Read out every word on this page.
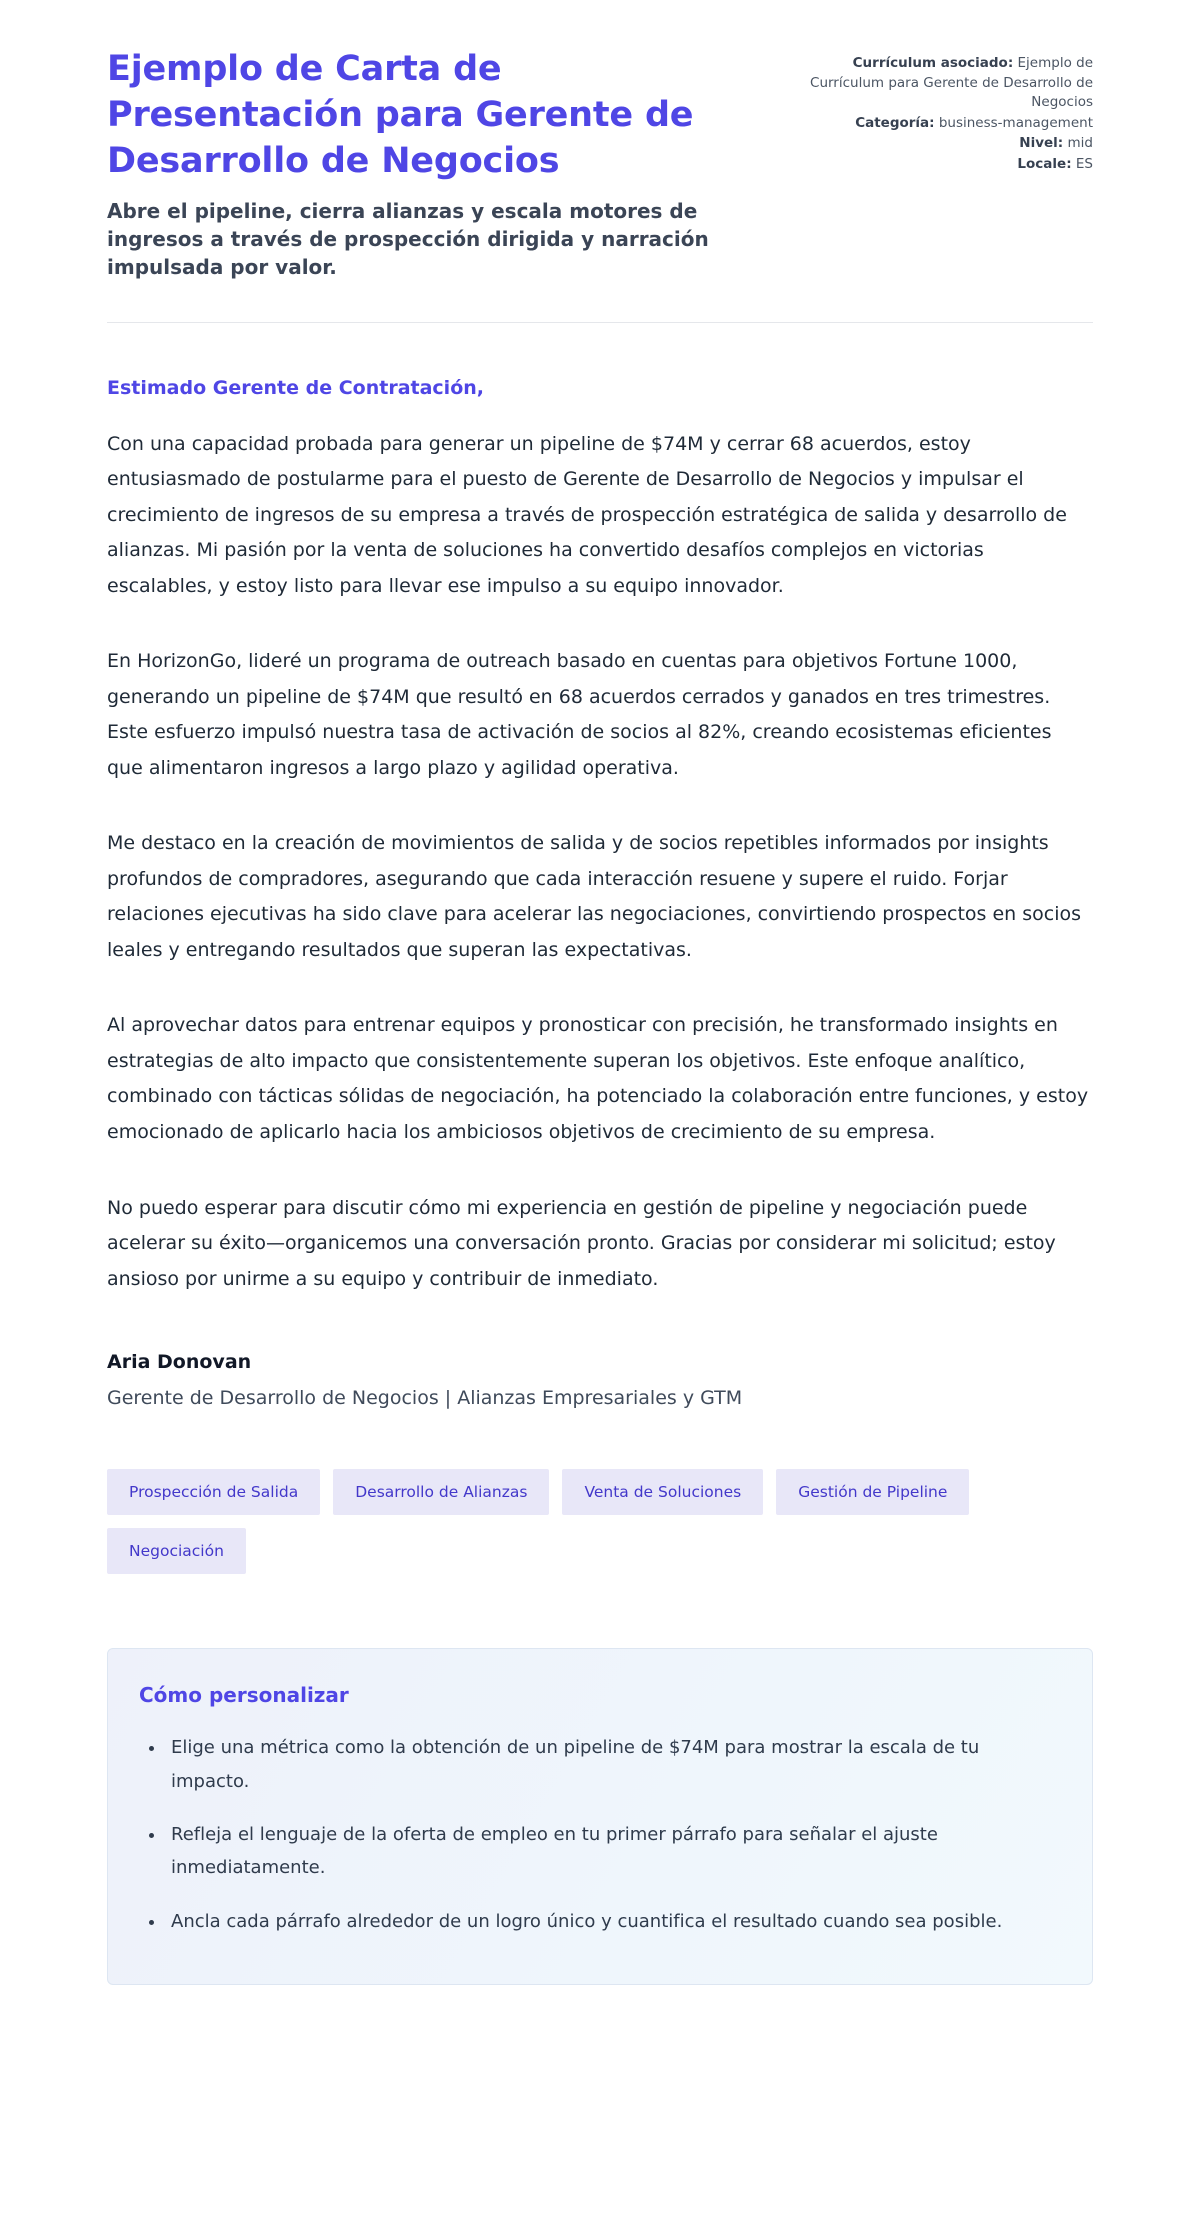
Ejemplo de Carta de Presentación para Gerente de Desarrollo de Negocios
Abre el pipeline, cierra alianzas y escala motores de ingresos a través de prospección dirigida y narración impulsada por valor.
Currículum asociado: Ejemplo de Currículum para Gerente de Desarrollo de Negocios
Categoría: business-management
Nivel: mid
Locale: ES
Estimado Gerente de Contratación,

Con una capacidad probada para generar un pipeline de $74M y cerrar 68 acuerdos, estoy entusiasmado de postularme para el puesto de Gerente de Desarrollo de Negocios y impulsar el crecimiento de ingresos de su empresa a través de prospección estratégica de salida y desarrollo de alianzas. Mi pasión por la venta de soluciones ha convertido desafíos complejos en victorias escalables, y estoy listo para llevar ese impulso a su equipo innovador.

En HorizonGo, lideré un programa de outreach basado en cuentas para objetivos Fortune 1000, generando un pipeline de $74M que resultó en 68 acuerdos cerrados y ganados en tres trimestres. Este esfuerzo impulsó nuestra tasa de activación de socios al 82%, creando ecosistemas eficientes que alimentaron ingresos a largo plazo y agilidad operativa.

Me destaco en la creación de movimientos de salida y de socios repetibles informados por insights profundos de compradores, asegurando que cada interacción resuene y supere el ruido. Forjar relaciones ejecutivas ha sido clave para acelerar las negociaciones, convirtiendo prospectos en socios leales y entregando resultados que superan las expectativas.

Al aprovechar datos para entrenar equipos y pronosticar con precisión, he transformado insights en estrategias de alto impacto que consistentemente superan los objetivos. Este enfoque analítico, combinado con tácticas sólidas de negociación, ha potenciado la colaboración entre funciones, y estoy emocionado de aplicarlo hacia los ambiciosos objetivos de crecimiento de su empresa.

No puedo esperar para discutir cómo mi experiencia en gestión de pipeline y negociación puede acelerar su éxito—organicemos una conversación pronto. Gracias por considerar mi solicitud; estoy ansioso por unirme a su equipo y contribuir de inmediato.

Aria Donovan
Gerente de Desarrollo de Negocios | Alianzas Empresariales y GTM
Prospección de Salida	Desarrollo de Alianzas	Venta de Soluciones	Gestión de Pipeline
Negociación
Cómo personalizar
• Elige una métrica como la obtención de un pipeline de $74M para mostrar la escala de tu impacto.
• Refleja el lenguaje de la oferta de empleo en tu primer párrafo para señalar el ajuste inmediatamente.
• Ancla cada párrafo alrededor de un logro único y cuantifica el resultado cuando sea posible.
